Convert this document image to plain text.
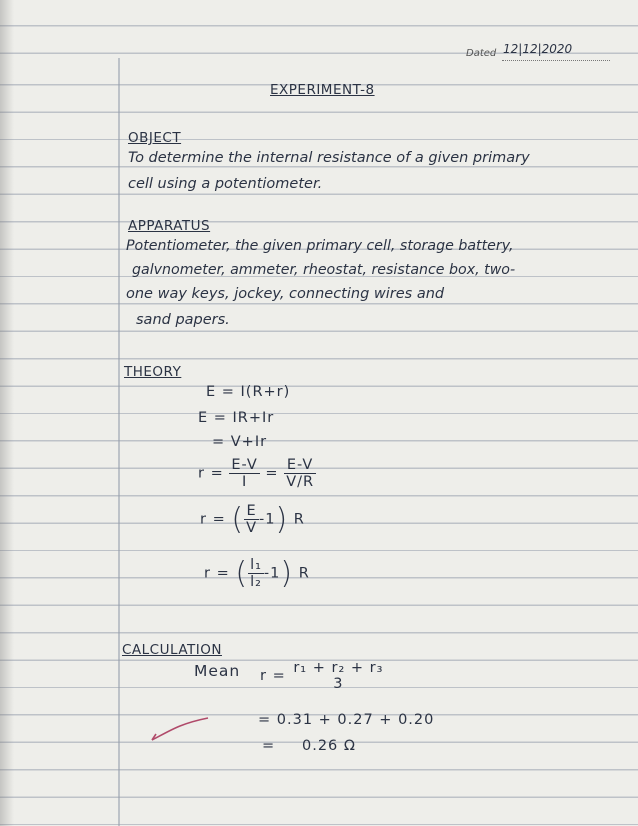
Dated 12|12|2020
EXPERIMENT-8
OBJECT
To determine the internal resistance of a given primary
cell using a potentiometer.
APPARATUS
Potentiometer, the given primary cell, storage battery,
galvnometer, ammeter, rheostat, resistance box, two-
one way keys, jockey, connecting wires and
sand papers.
THEORY
E = I(R+r)
E = IR+Ir
= V+Ir
$r = \frac{E-V}{I} = \frac{E-V}{V/R}$
r = ( $\frac{E}{V} -1$) R
r = ( $\frac{\text{l₁}}{\text{l₂}} -1$) R
CALCULATION
Mean r = r₁ + r₂ + r₃
3
= 0.31 + 0.27 + 0.20
= 0.26 Ω
